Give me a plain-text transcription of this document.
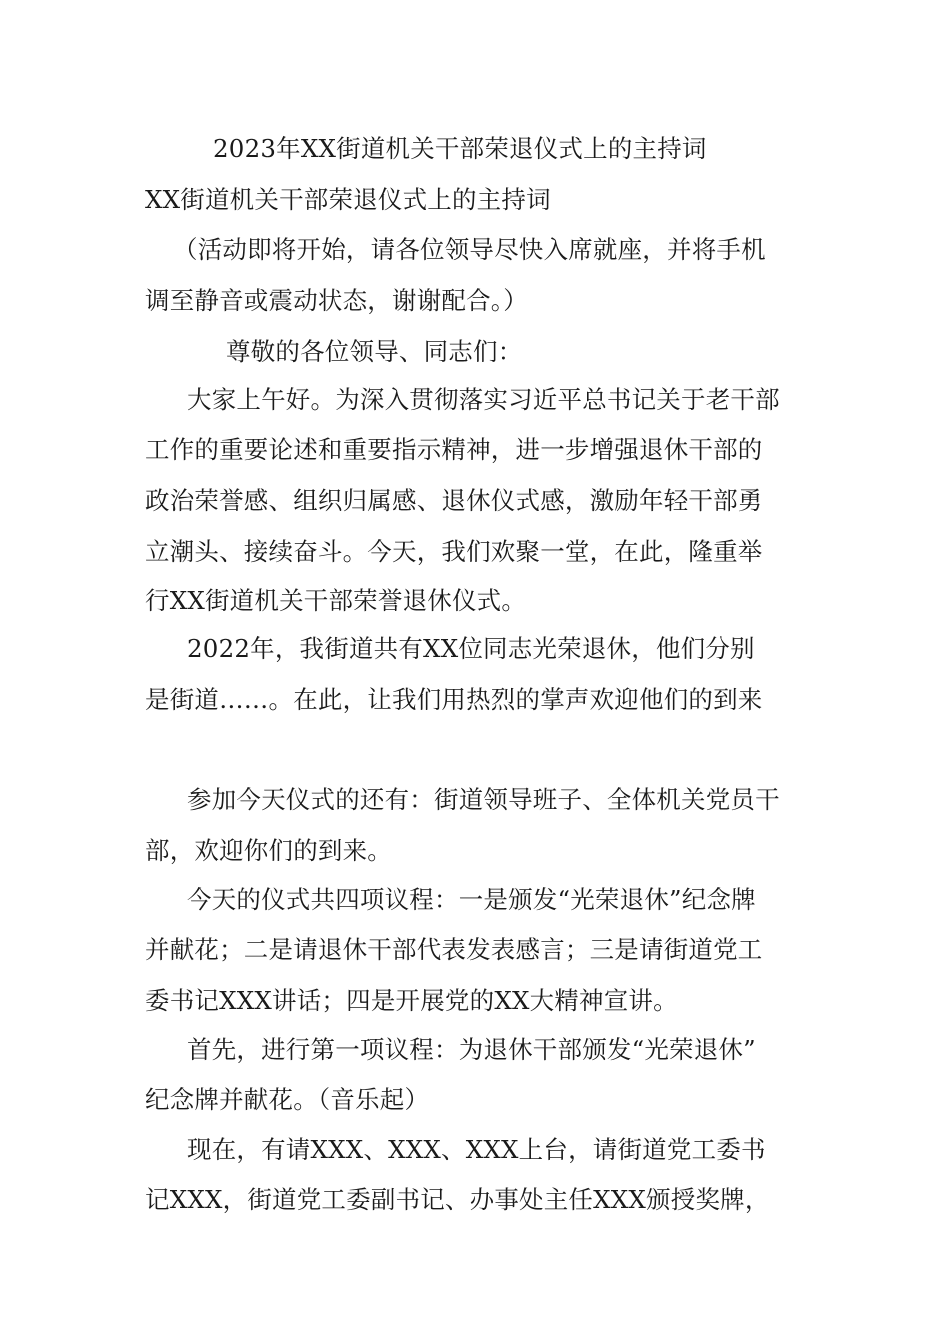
2023年XX街道机关干部荣退仪式上的主持词
XX街道机关干部荣退仪式上的主持词
（活动即将开始，请各位领导尽快入席就座，并将手机
调至静音或震动状态，谢谢配合。）
尊敬的各位领导、同志们：
大家上午好。为深入贯彻落实习近平总书记关于老干部
工作的重要论述和重要指示精神，进一步增强退休干部的
政治荣誉感、组织归属感、退休仪式感，激励年轻干部勇
立潮头、接续奋斗。今天，我们欢聚一堂，在此，隆重举
行XX街道机关干部荣誉退休仪式。
2022年，我街道共有XX位同志光荣退休，他们分别
是街道……。在此，让我们用热烈的掌声欢迎他们的到来
参加今天仪式的还有：街道领导班子、全体机关党员干
部，欢迎你们的到来。
今天的仪式共四项议程：一是颁发“光荣退休”纪念牌
并献花；二是请退休干部代表发表感言；三是请街道党工
委书记XXX讲话；四是开展党的XX大精神宣讲。
首先，进行第一项议程：为退休干部颁发“光荣退休”
纪念牌并献花。（音乐起）
现在，有请XXX、XXX、XXX上台，请街道党工委书
记XXX，街道党工委副书记、办事处主任XXX颁授奖牌，
